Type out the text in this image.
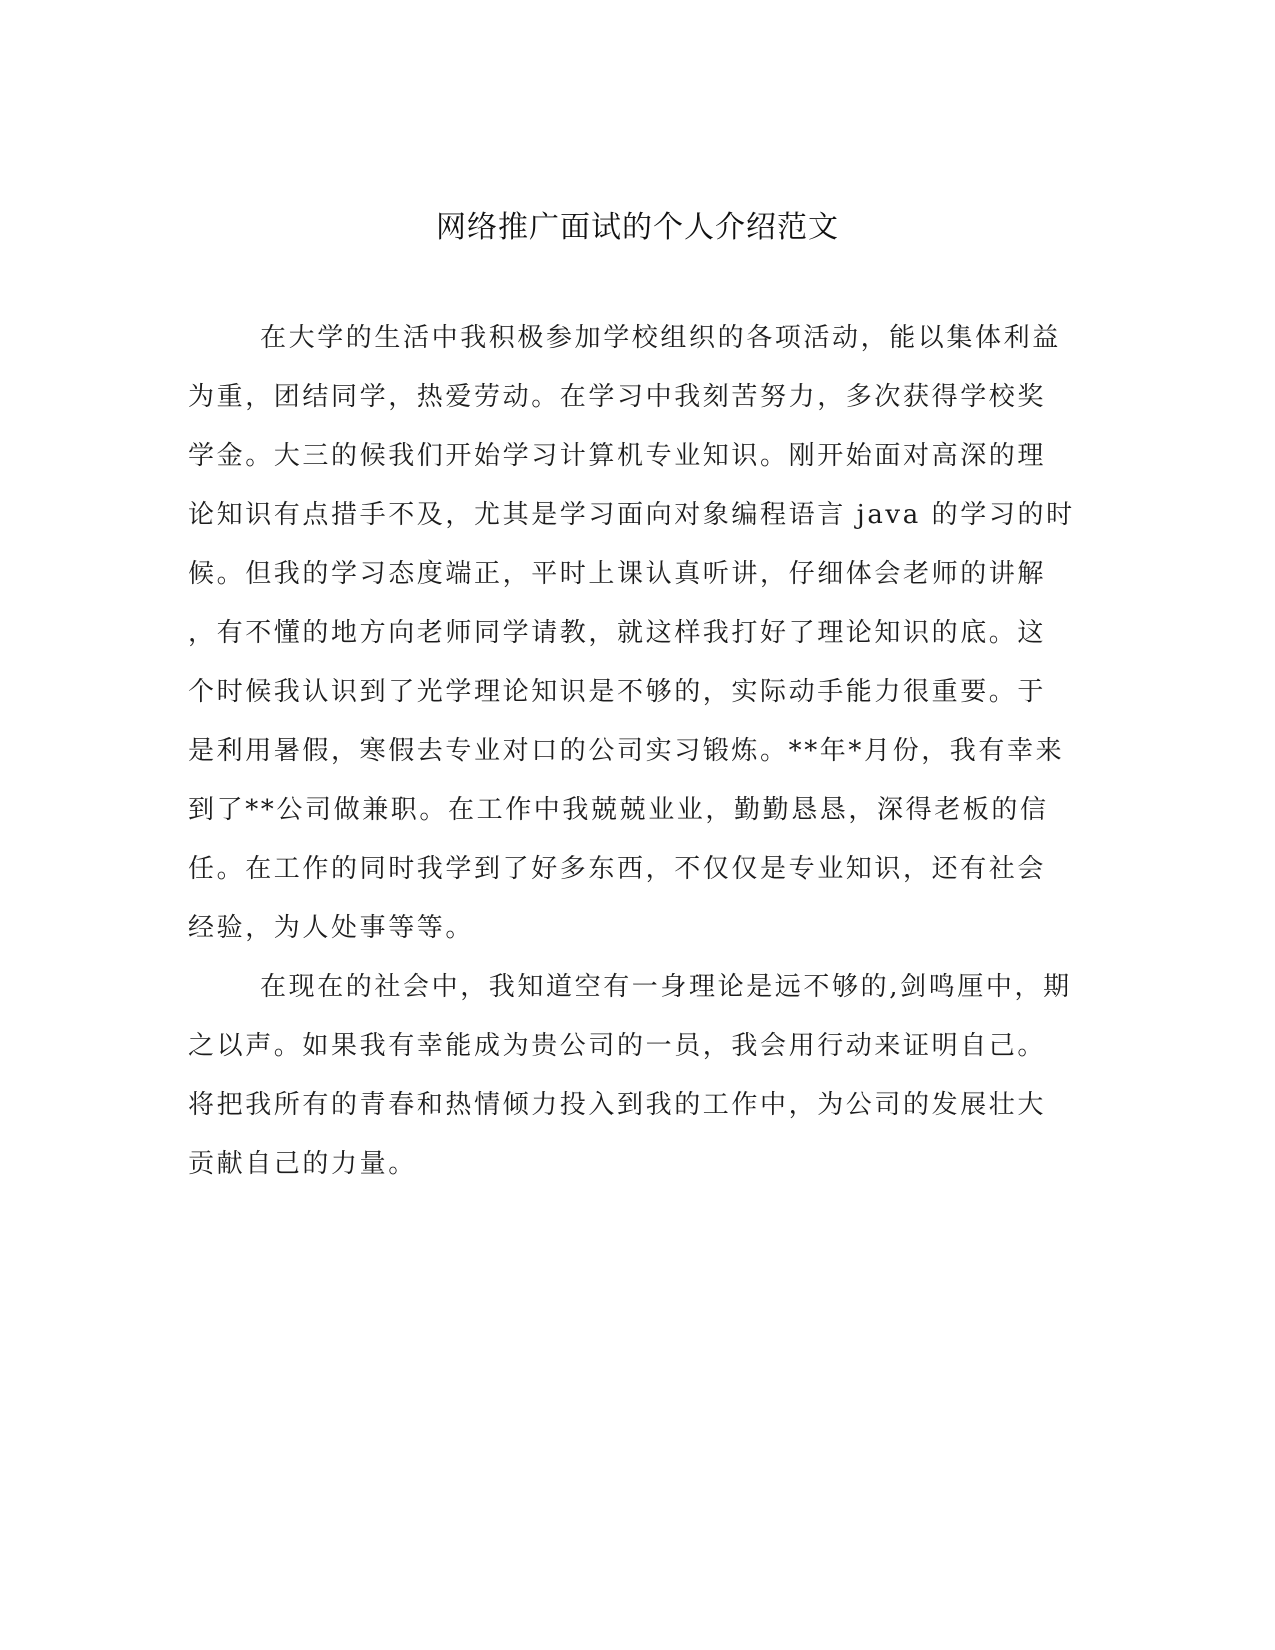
网络推广面试的个人介绍范文
在大学的生活中我积极参加学校组织的各项活动，能以集体利益
为重，团结同学，热爱劳动。在学习中我刻苦努力，多次获得学校奖
学金。大三的候我们开始学习计算机专业知识。刚开始面对高深的理
论知识有点措手不及，尤其是学习面向对象编程语言 java 的学习的时
候。但我的学习态度端正，平时上课认真听讲，仔细体会老师的讲解
，有不懂的地方向老师同学请教，就这样我打好了理论知识的底。这
个时候我认识到了光学理论知识是不够的，实际动手能力很重要。于
是利用暑假，寒假去专业对口的公司实习锻炼。**年*月份，我有幸来
到了**公司做兼职。在工作中我兢兢业业，勤勤恳恳，深得老板的信
任。在工作的同时我学到了好多东西，不仅仅是专业知识，还有社会
经验，为人处事等等。
在现在的社会中，我知道空有一身理论是远不够的,剑鸣厘中，期
之以声。如果我有幸能成为贵公司的一员，我会用行动来证明自己。
将把我所有的青春和热情倾力投入到我的工作中，为公司的发展壮大
贡献自己的力量。
